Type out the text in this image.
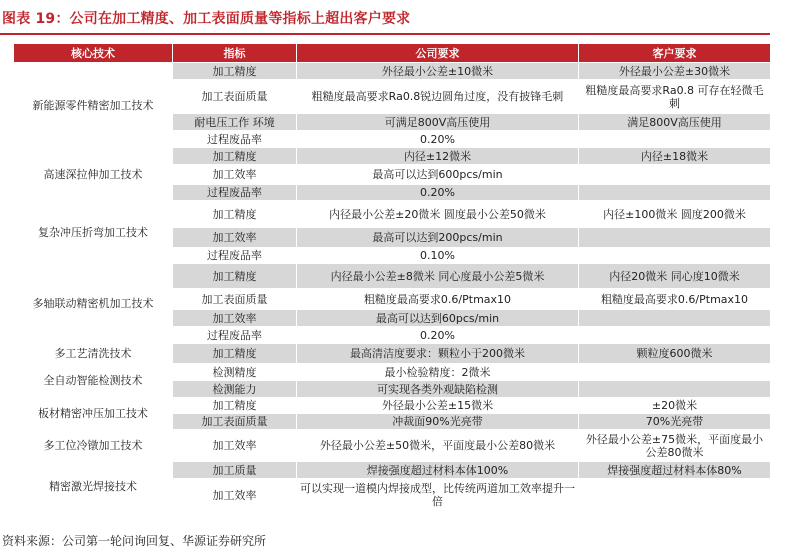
图表 19：公司在加工精度、加工表面质量等指标上超出客户要求
核心技术	指标	公司要求	客户要求
新能源零件精密加工技术	加工精度	外径最小公差±10微米	外径最小公差±30微米
	加工表面质量	粗糙度最高要求Ra0.8锐边圆角过度，没有披锋毛刺	粗糙度最高要求Ra0.8 可存在轻微毛刺
	耐电压工作 环境	可满足800V高压使用	满足800V高压使用
	过程废品率	0.20%	
高速深拉伸加工技术	加工精度	内径±12微米	内径±18微米
	加工效率	最高可以达到600pcs/min	
	过程废品率	0.20%	
复杂冲压折弯加工技术	加工精度	内径最小公差±20微米 圆度最小公差50微米	内径±100微米 圆度200微米
	加工效率	最高可以达到200pcs/min	
	过程废品率	0.10%	
多轴联动精密机加工技术	加工精度	内径最小公差±8微米 同心度最小公差5微米	内径20微米 同心度10微米
	加工表面质量	粗糙度最高要求0.6/Ptmax10	粗糙度最高要求0.6/Ptmax10
	加工效率	最高可以达到60pcs/min	
	过程废品率	0.20%	
多工艺清洗技术	加工精度	最高清洁度要求：颗粒小于200微米	颗粒度600微米
全自动智能检测技术	检测精度	最小检验精度：2微米	
	检测能力	可实现各类外观缺陷检测	
板材精密冲压加工技术	加工精度	外径最小公差±15微米	±20微米
	加工表面质量	冲裁面90%光亮带	70%光亮带
多工位冷镦加工技术	加工效率	外径最小公差±50微米，平面度最小公差80微米	外径最小公差±75微米，平面度最小公差80微米
精密激光焊接技术	加工质量	焊接强度超过材料本体100%	焊接强度超过材料本体80%
	加工效率	可以实现一道模内焊接成型，比传统两道加工效率提升一倍	
资料来源：公司第一轮问询回复、华源证券研究所
